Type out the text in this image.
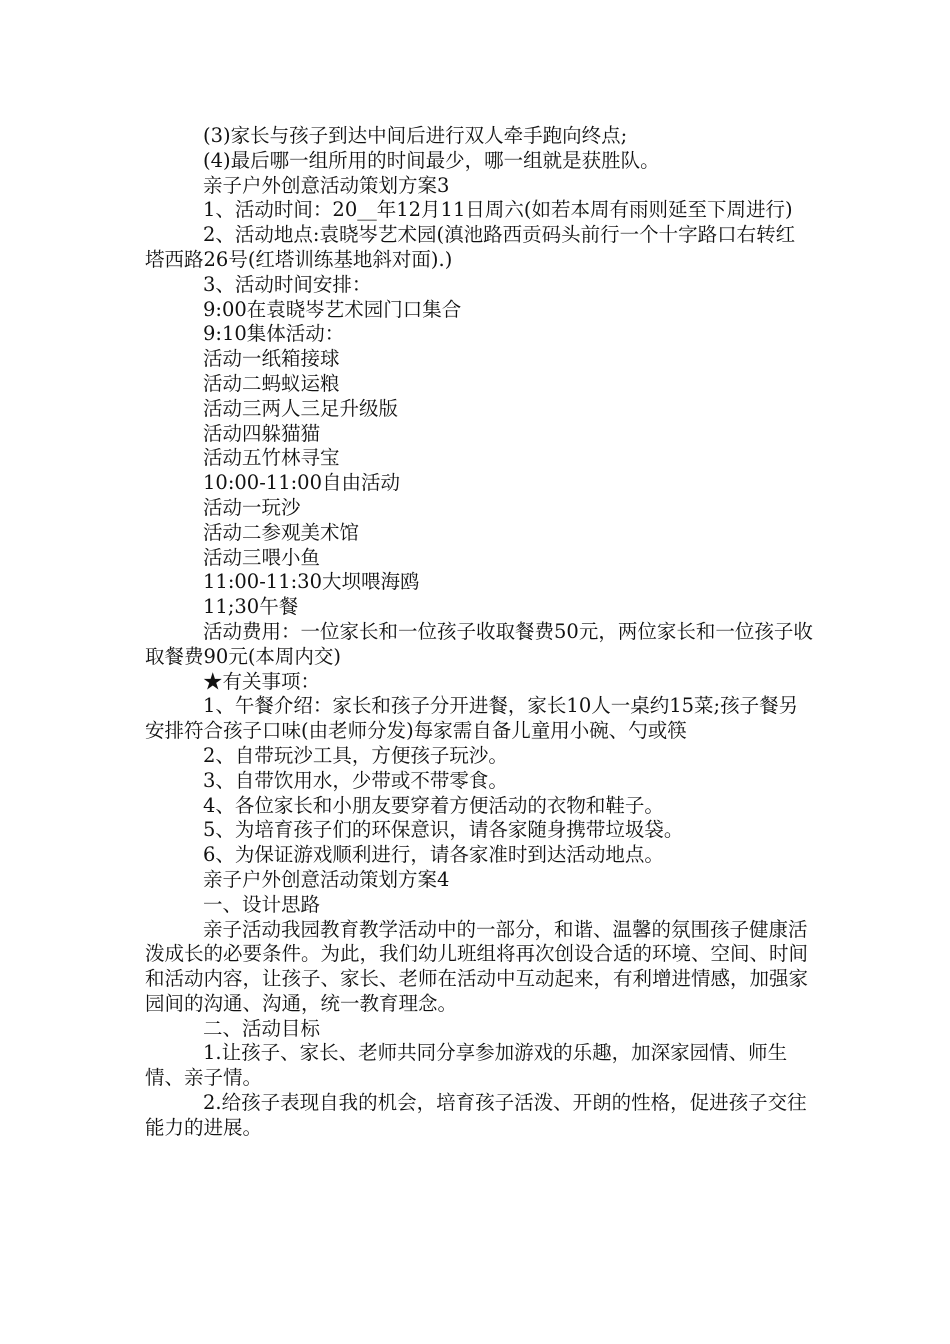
(3)家长与孩子到达中间后进行双人牵手跑向终点;

(4)最后哪一组所用的时间最少，哪一组就是获胜队。

亲子户外创意活动策划方案3

1、活动时间：20__年12月11日周六(如若本周有雨则延至下周进行)

2、活动地点:袁晓岑艺术园(滇池路西贡码头前行一个十字路口右转红塔西路26号(红塔训练基地斜对面).)

3、活动时间安排：

9:00在袁晓岑艺术园门口集合

9:10集体活动：

活动一纸箱接球

活动二蚂蚁运粮

活动三两人三足升级版

活动四躲猫猫

活动五竹林寻宝

10:00-11:00自由活动

活动一玩沙

活动二参观美术馆

活动三喂小鱼

11:00-11:30大坝喂海鸥

11;30午餐

活动费用：一位家长和一位孩子收取餐费50元，两位家长和一位孩子收取餐费90元(本周内交)

★有关事项：

1、午餐介绍：家长和孩子分开进餐，家长10人一桌约15菜;孩子餐另安排符合孩子口味(由老师分发)每家需自备儿童用小碗、勺或筷

2、自带玩沙工具，方便孩子玩沙。

3、自带饮用水，少带或不带零食。

4、各位家长和小朋友要穿着方便活动的衣物和鞋子。

5、为培育孩子们的环保意识，请各家随身携带垃圾袋。

6、为保证游戏顺利进行，请各家准时到达活动地点。

亲子户外创意活动策划方案4

一、设计思路

亲子活动我园教育教学活动中的一部分，和谐、温馨的氛围孩子健康活泼成长的必要条件。为此，我们幼儿班组将再次创设合适的环境、空间、时间和活动内容，让孩子、家长、老师在活动中互动起来，有利增进情感，加强家园间的沟通、沟通，统一教育理念。

二、活动目标

1.让孩子、家长、老师共同分享参加游戏的乐趣，加深家园情、师生情、亲子情。

2.给孩子表现自我的机会，培育孩子活泼、开朗的性格，促进孩子交往能力的进展。
